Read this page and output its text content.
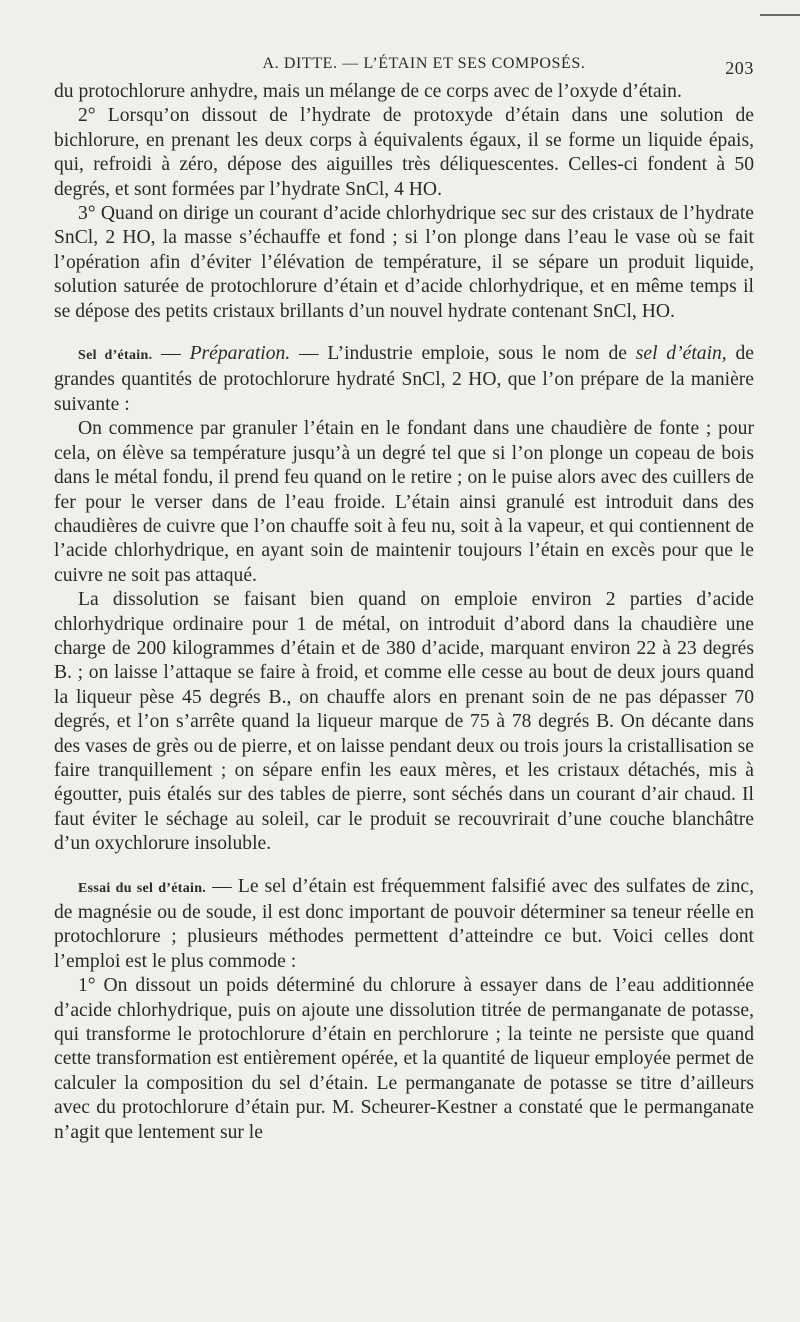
A. DITTE. — L’ÉTAIN ET SES COMPOSÉS.	203

du protochlorure anhydre, mais un mélange de ce corps avec de l’oxyde d’étain.

2° Lorsqu’on dissout de l’hydrate de protoxyde d’étain dans une solution de bichlorure, en prenant les deux corps à équivalents égaux, il se forme un liquide épais, qui, refroidi à zéro, dépose des aiguilles très déliquescentes. Celles-ci fondent à 50 degrés, et sont formées par l’hydrate SnCl, 4 HO.

3° Quand on dirige un courant d’acide chlorhydrique sec sur des cristaux de l’hydrate SnCl, 2 HO, la masse s’échauffe et fond ; si l’on plonge dans l’eau le vase où se fait l’opération afin d’éviter l’élévation de température, il se sépare un produit liquide, solution saturée de protochlorure d’étain et d’acide chlorhydrique, et en même temps il se dépose des petits cristaux brillants d’un nouvel hydrate contenant SnCl, HO.

Sel d’étain. — Préparation. — L’industrie emploie, sous le nom de sel d’étain, de grandes quantités de protochlorure hydraté SnCl, 2 HO, que l’on prépare de la manière suivante :

On commence par granuler l’étain en le fondant dans une chaudière de fonte ; pour cela, on élève sa température jusqu’à un degré tel que si l’on plonge un copeau de bois dans le métal fondu, il prend feu quand on le retire ; on le puise alors avec des cuillers de fer pour le verser dans de l’eau froide. L’étain ainsi granulé est introduit dans des chaudières de cuivre que l’on chauffe soit à feu nu, soit à la vapeur, et qui contiennent de l’acide chlorhydrique, en ayant soin de maintenir toujours l’étain en excès pour que le cuivre ne soit pas attaqué.

La dissolution se faisant bien quand on emploie environ 2 parties d’acide chlorhydrique ordinaire pour 1 de métal, on introduit d’abord dans la chaudière une charge de 200 kilogrammes d’étain et de 380 d’acide, marquant environ 22 à 23 degrés B. ; on laisse l’attaque se faire à froid, et comme elle cesse au bout de deux jours quand la liqueur pèse 45 degrés B., on chauffe alors en prenant soin de ne pas dépasser 70 degrés, et l’on s’arrête quand la liqueur marque de 75 à 78 degrés B. On décante dans des vases de grès ou de pierre, et on laisse pendant deux ou trois jours la cristallisation se faire tranquillement ; on sépare enfin les eaux mères, et les cristaux détachés, mis à égoutter, puis étalés sur des tables de pierre, sont séchés dans un courant d’air chaud. Il faut éviter le séchage au soleil, car le produit se recouvrirait d’une couche blanchâtre d’un oxychlorure insoluble.

Essai du sel d’étain. — Le sel d’étain est fréquemment falsifié avec des sulfates de zinc, de magnésie ou de soude, il est donc important de pouvoir déterminer sa teneur réelle en protochlorure ; plusieurs méthodes permettent d’atteindre ce but. Voici celles dont l’emploi est le plus commode :

1° On dissout un poids déterminé du chlorure à essayer dans de l’eau additionnée d’acide chlorhydrique, puis on ajoute une dissolution titrée de permanganate de potasse, qui transforme le protochlorure d’étain en perchlorure ; la teinte ne persiste que quand cette transformation est entièrement opérée, et la quantité de liqueur employée permet de calculer la composition du sel d’étain. Le permanganate de potasse se titre d’ailleurs avec du protochlorure d’étain pur. M. Scheurer-Kestner a constaté que le permanganate n’agit que lentement sur le
